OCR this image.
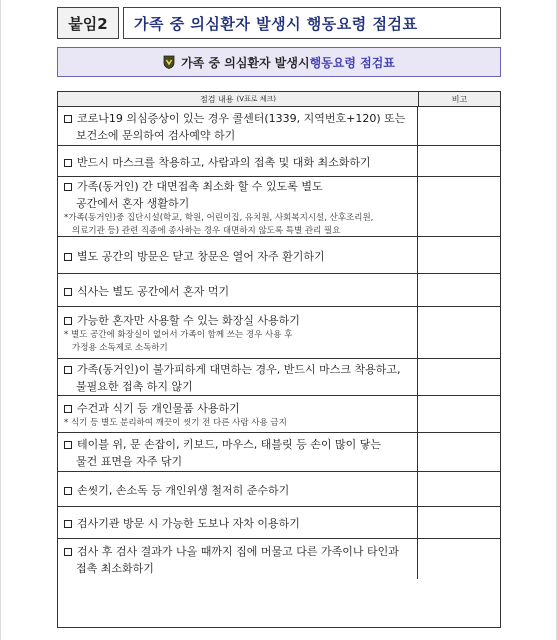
붙임2	가족 중 의심환자 발생시 행동요령 점검표
가족 중 의심환자 발생시 행동요령 점검표
점검 내용 (V표로 체크)	비고
코로나19 의심증상이 있는 경우 콜센터(1339, 지역번호+120) 또는
보건소에 문의하여 검사예약 하기
반드시 마스크를 착용하고, 사람과의 접촉 및 대화 최소화하기
가족(동거인) 간 대면접촉 최소화 할 수 있도록 별도
공간에서 혼자 생활하기
*가족(동거인)중 집단시설(학교, 학원, 어린이집, 유치원, 사회복지시설, 산후조리원,
의료기관 등) 관련 직종에 종사하는 경우 대면하지 않도록 특별 관리 필요
별도 공간의 방문은 닫고 창문은 열어 자주 환기하기
식사는 별도 공간에서 혼자 먹기
가능한 혼자만 사용할 수 있는 화장실 사용하기
* 별도 공간에 화장실이 없어서 가족이 함께 쓰는 경우 사용 후
가정용 소독제로 소독하기
가족(동거인)이 불가피하게 대면하는 경우, 반드시 마스크 착용하고,
불필요한 접촉 하지 않기
수건과 식기 등 개인물품 사용하기
* 식기 등 별도 분리하여 깨끗이 씻기 전 다른 사람 사용 금지
테이블 위, 문 손잡이, 키보드, 마우스, 태블릿 등 손이 많이 닿는
물건 표면을 자주 닦기
손씻기, 손소독 등 개인위생 철저히 준수하기
검사기관 방문 시 가능한 도보나 자차 이용하기
검사 후 검사 결과가 나올 때까지 집에 머물고 다른 가족이나 타인과
접촉 최소화하기
